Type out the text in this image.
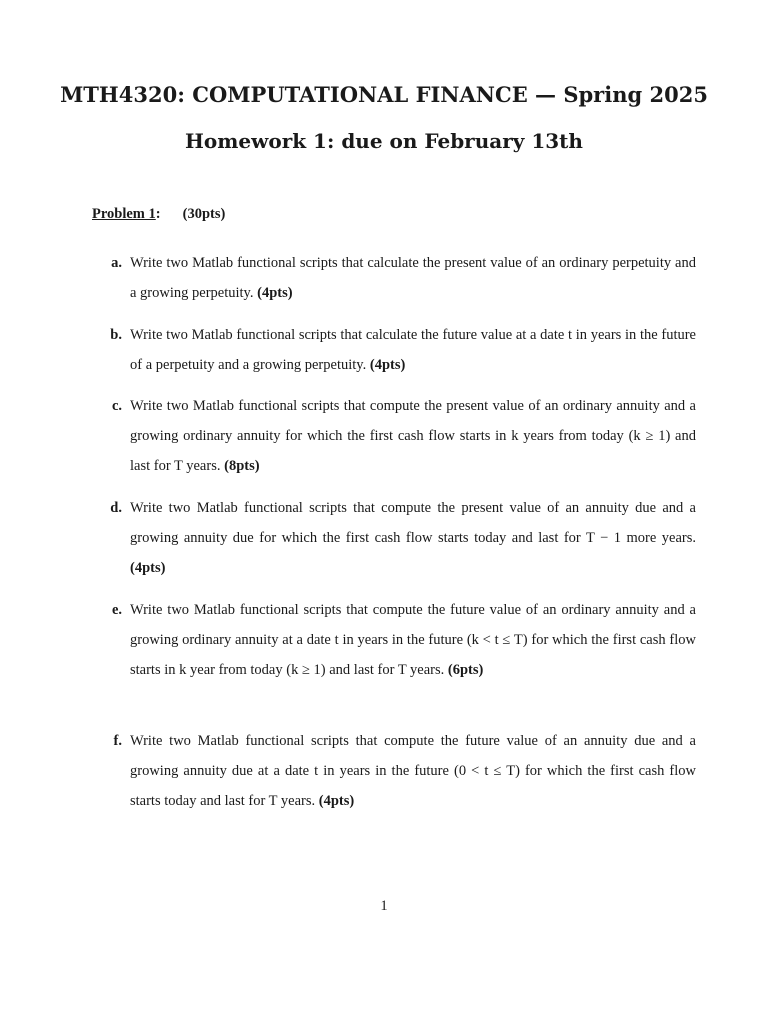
MTH4320: COMPUTATIONAL FINANCE — Spring 2025
Homework 1: due on February 13th
Problem 1: (30pts)
a. Write two Matlab functional scripts that calculate the present value of an ordinary perpetuity and a growing perpetuity. (4pts)
b. Write two Matlab functional scripts that calculate the future value at a date t in years in the future of a perpetuity and a growing perpetuity. (4pts)
c. Write two Matlab functional scripts that compute the present value of an ordinary annuity and a growing ordinary annuity for which the first cash flow starts in k years from today (k ≥ 1) and last for T years. (8pts)
d. Write two Matlab functional scripts that compute the present value of an annuity due and a growing annuity due for which the first cash flow starts today and last for T − 1 more years. (4pts)
e. Write two Matlab functional scripts that compute the future value of an ordinary annuity and a growing ordinary annuity at a date t in years in the future (k < t ≤ T) for which the first cash flow starts in k year from today (k ≥ 1) and last for T years. (6pts)
f. Write two Matlab functional scripts that compute the future value of an annuity due and a growing annuity due at a date t in years in the future (0 < t ≤ T) for which the first cash flow starts today and last for T years. (4pts)
1
